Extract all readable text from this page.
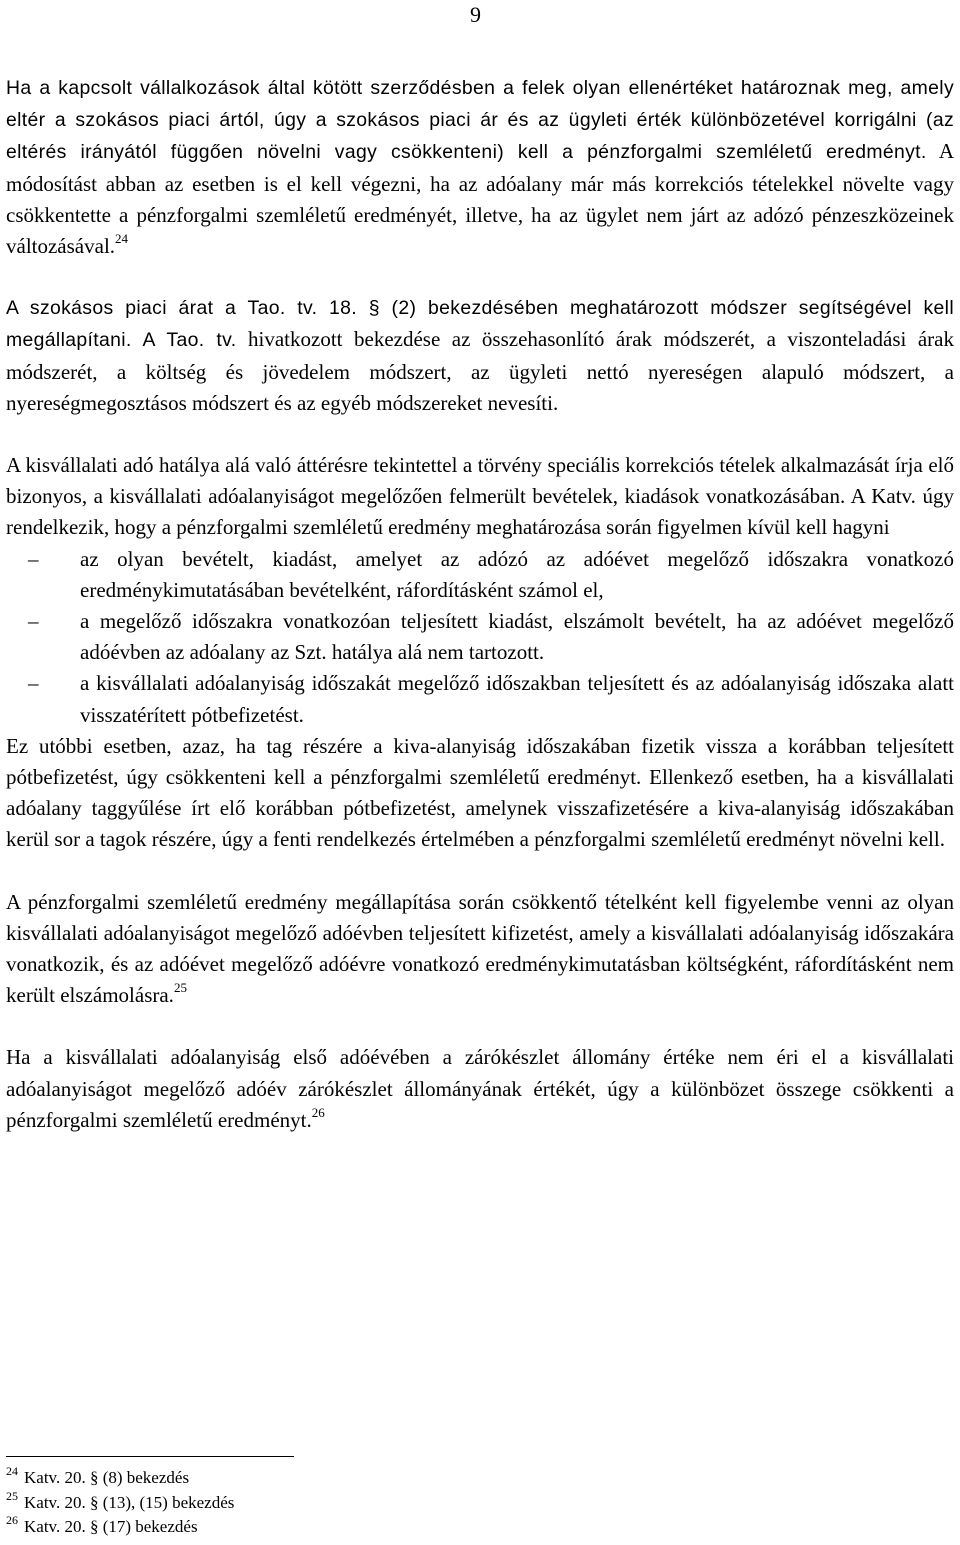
9

Ha a kapcsolt vállalkozások által kötött szerződésben a felek olyan ellenértéket határoznak meg, amely eltér a szokásos piaci ártól, úgy a szokásos piaci ár és az ügyleti érték különbözetével korrigálni (az eltérés irányától függően növelni vagy csökkenteni) kell a pénzforgalmi szemléletű eredményt. A módosítást abban az esetben is el kell végezni, ha az adóalany már más korrekciós tételekkel növelte vagy csökkentette a pénzforgalmi szemléletű eredményét, illetve, ha az ügylet nem járt az adózó pénzeszközeinek változásával.$^{24}$

A szokásos piaci árat a Tao. tv. 18. § (2) bekezdésében meghatározott módszer segítségével kell megállapítani. A Tao. tv. hivatkozott bekezdése az összehasonlító árak módszerét, a viszonteladási árak módszerét, a költség és jövedelem módszert, az ügyleti nettó nyereségen alapuló módszert, a nyereségmegosztásos módszert és az egyéb módszereket nevesíti.

A kisvállalati adó hatálya alá való áttérésre tekintettel a törvény speciális korrekciós tételek alkalmazását írja elő bizonyos, a kisvállalati adóalanyiságot megelőzően felmerült bevételek, kiadások vonatkozásában. A Katv. úgy rendelkezik, hogy a pénzforgalmi szemléletű eredmény meghatározása során figyelmen kívül kell hagyni

–	az olyan bevételt, kiadást, amelyet az adózó az adóévet megelőző időszakra vonatkozó eredménykimutatásában bevételként, ráfordításként számol el,
–	a megelőző időszakra vonatkozóan teljesített kiadást, elszámolt bevételt, ha az adóévet megelőző adóévben az adóalany az Szt. hatálya alá nem tartozott.
–	a kisvállalati adóalanyiság időszakát megelőző időszakban teljesített és az adóalanyiság időszaka alatt visszatérített pótbefizetést.

Ez utóbbi esetben, azaz, ha tag részére a kiva-alanyiság időszakában fizetik vissza a korábban teljesített pótbefizetést, úgy csökkenteni kell a pénzforgalmi szemléletű eredményt. Ellenkező esetben, ha a kisvállalati adóalany taggyűlése írt elő korábban pótbefizetést, amelynek visszafizetésére a kiva-alanyiság időszakában kerül sor a tagok részére, úgy a fenti rendelkezés értelmében a pénzforgalmi szemléletű eredményt növelni kell.

A pénzforgalmi szemléletű eredmény megállapítása során csökkentő tételként kell figyelembe venni az olyan kisvállalati adóalanyiságot megelőző adóévben teljesített kifizetést, amely a kisvállalati adóalanyiság időszakára vonatkozik, és az adóévet megelőző adóévre vonatkozó eredménykimutatásban költségként, ráfordításként nem került elszámolásra.$^{25}$

Ha a kisvállalati adóalanyiság első adóévében a zárókészlet állomány értéke nem éri el a kisvállalati adóalanyiságot megelőző adóév zárókészlet állományának értékét, úgy a különbözet összege csökkenti a pénzforgalmi szemléletű eredményt.$^{26}$

$^{24}$ Katv. 20. § (8) bekezdés
$^{25}$ Katv. 20. § (13), (15) bekezdés
$^{26}$ Katv. 20. § (17) bekezdés
